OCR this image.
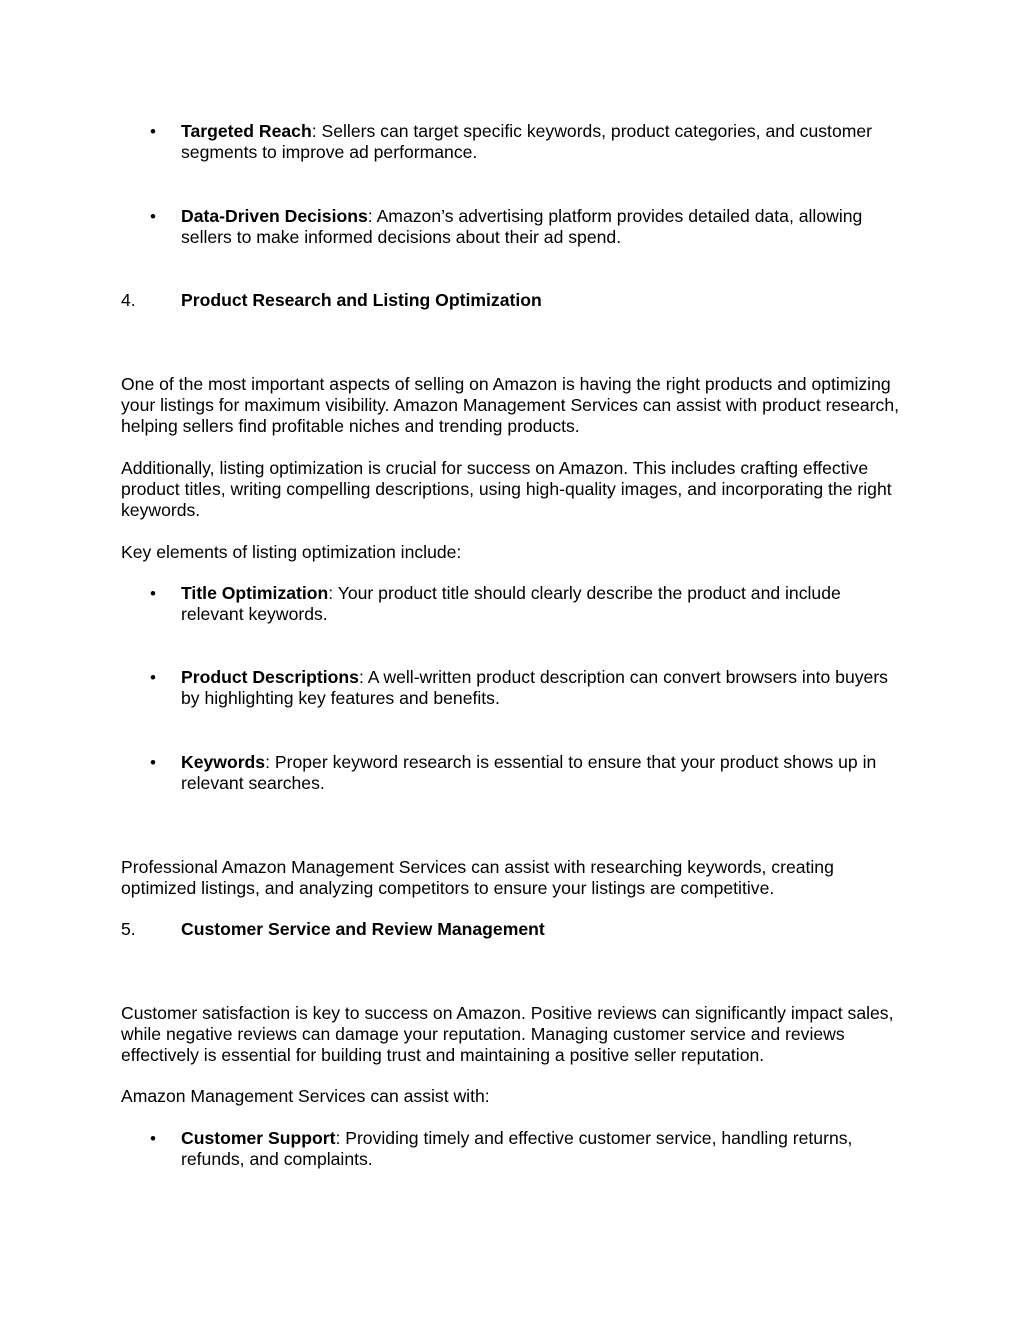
•	Targeted Reach: Sellers can target specific keywords, product categories, and customer segments to improve ad performance.
•	Data-Driven Decisions: Amazon’s advertising platform provides detailed data, allowing sellers to make informed decisions about their ad spend.
4.	Product Research and Listing Optimization
One of the most important aspects of selling on Amazon is having the right products and optimizing your listings for maximum visibility. Amazon Management Services can assist with product research, helping sellers find profitable niches and trending products.
Additionally, listing optimization is crucial for success on Amazon. This includes crafting effective product titles, writing compelling descriptions, using high-quality images, and incorporating the right keywords.
Key elements of listing optimization include:
•	Title Optimization: Your product title should clearly describe the product and include relevant keywords.
•	Product Descriptions: A well-written product description can convert browsers into buyers by highlighting key features and benefits.
•	Keywords: Proper keyword research is essential to ensure that your product shows up in relevant searches.
Professional Amazon Management Services can assist with researching keywords, creating optimized listings, and analyzing competitors to ensure your listings are competitive.
5.	Customer Service and Review Management
Customer satisfaction is key to success on Amazon. Positive reviews can significantly impact sales, while negative reviews can damage your reputation. Managing customer service and reviews effectively is essential for building trust and maintaining a positive seller reputation.
Amazon Management Services can assist with:
•	Customer Support: Providing timely and effective customer service, handling returns, refunds, and complaints.
